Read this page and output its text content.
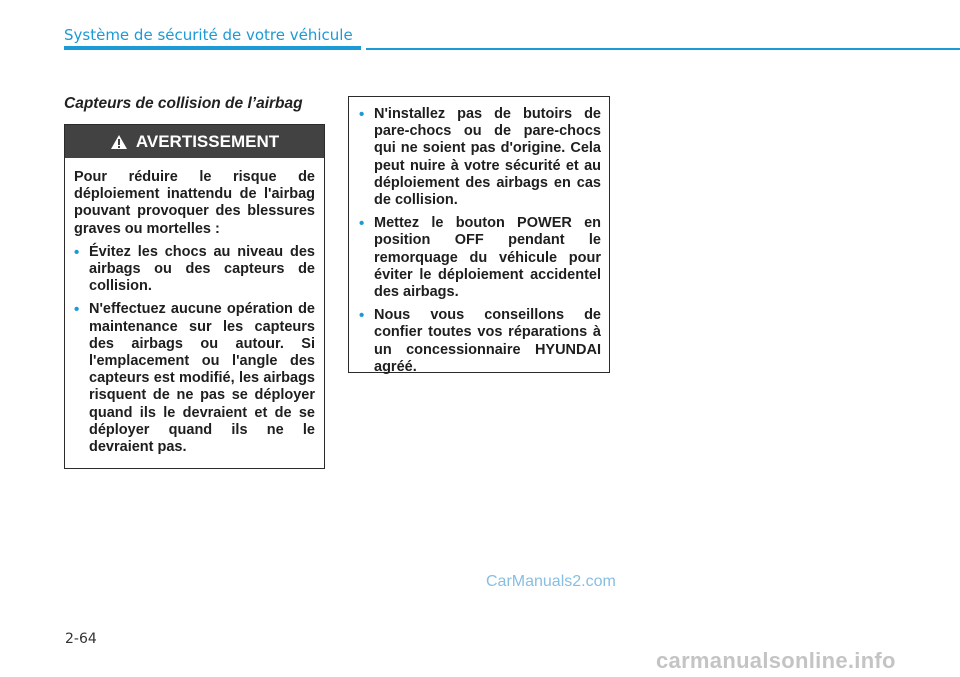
Système de sécurité de votre véhicule
Capteurs de collision de l’airbag
AVERTISSEMENT

Pour réduire le risque de déploiement inattendu de l'airbag pouvant provoquer des blessures graves ou mortelles :

• Évitez les chocs au niveau des airbags ou des capteurs de collision.
• N'effectuez aucune opération de maintenance sur les capteurs des airbags ou autour. Si l'emplacement ou l'angle des capteurs est modifié, les airbags risquent de ne pas se déployer quand ils le devraient et de se déployer quand ils ne le devraient pas.
• N'installez pas de butoirs de pare-chocs ou de pare-chocs qui ne soient pas d'origine. Cela peut nuire à votre sécurité et au déploiement des airbags en cas de collision.
• Mettez le bouton POWER en position OFF pendant le remorquage du véhicule pour éviter le déploiement accidentel des airbags.
• Nous vous conseillons de confier toutes vos réparations à un concessionnaire HYUNDAI agréé.
CarManuals2.com
2-64
carmanualsonline.info
